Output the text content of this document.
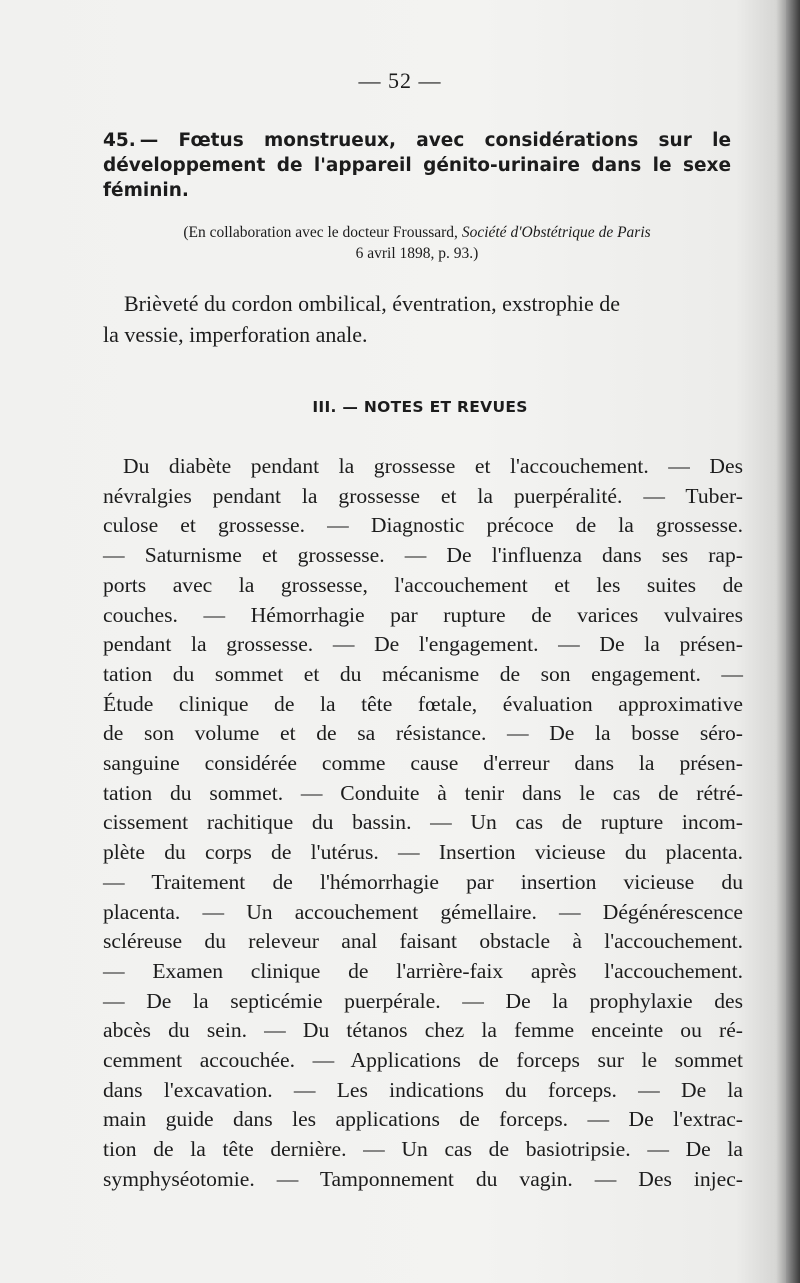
— 52 —
45. — Fœtus monstrueux, avec considérations sur le développement de l'appareil génito-urinaire dans le sexe féminin.
(En collaboration avec le docteur Froussard, Société d'Obstétrique de Paris
6 avril 1898, p. 93.)
Brièveté du cordon ombilical, éventration, exstrophie de
la vessie, imperforation anale.
III. — NOTES ET REVUES
Du diabète pendant la grossesse et l'accouchement. — Des
névralgies pendant la grossesse et la puerpéralité. — Tuber-
culose et grossesse. — Diagnostic précoce de la grossesse.
— Saturnisme et grossesse. — De l'influenza dans ses rap-
ports avec la grossesse, l'accouchement et les suites de
couches. — Hémorrhagie par rupture de varices vulvaires
pendant la grossesse. — De l'engagement. — De la présen-
tation du sommet et du mécanisme de son engagement. —
Étude clinique de la tête fœtale, évaluation approximative
de son volume et de sa résistance. — De la bosse séro-
sanguine considérée comme cause d'erreur dans la présen-
tation du sommet. — Conduite à tenir dans le cas de rétré-
cissement rachitique du bassin. — Un cas de rupture incom-
plète du corps de l'utérus. — Insertion vicieuse du placenta.
— Traitement de l'hémorrhagie par insertion vicieuse du
placenta. — Un accouchement gémellaire. — Dégénérescence
scléreuse du releveur anal faisant obstacle à l'accouchement.
— Examen clinique de l'arrière-faix après l'accouchement.
— De la septicémie puerpérale. — De la prophylaxie des
abcès du sein. — Du tétanos chez la femme enceinte ou ré-
cemment accouchée. — Applications de forceps sur le sommet
dans l'excavation. — Les indications du forceps. — De la
main guide dans les applications de forceps. — De l'extrac-
tion de la tête dernière. — Un cas de basiotripsie. — De la
symphyséotomie. — Tamponnement du vagin. — Des injec-
